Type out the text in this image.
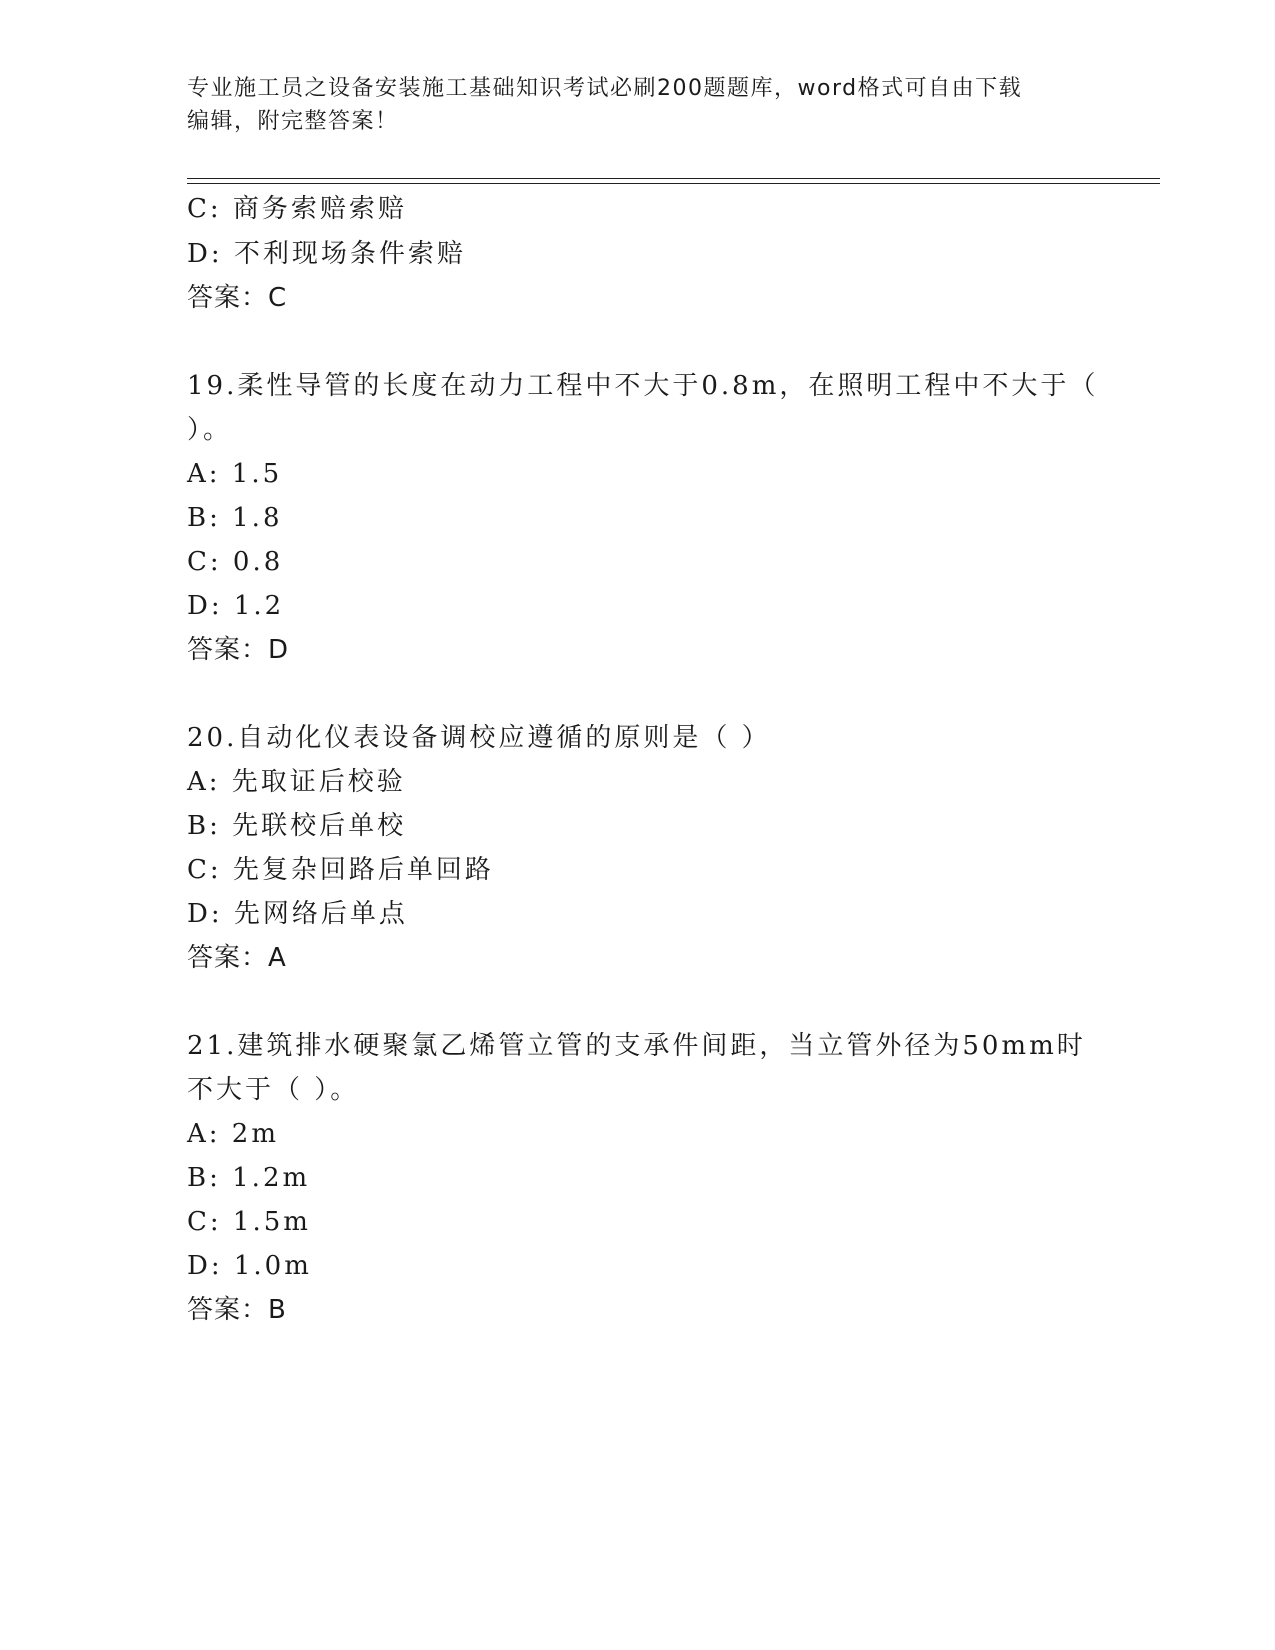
专业施工员之设备安装施工基础知识考试必刷200题题库，word格式可自由下载
编辑，附完整答案！
C: 商务索赔索赔
D: 不利现场条件索赔
答案：C
19.柔性导管的长度在动力工程中不大于0.8m，在照明工程中不大于（
）。
A: 1.5
B: 1.8
C: 0.8
D: 1.2
答案：D
20.自动化仪表设备调校应遵循的原则是（ ）
A: 先取证后校验
B: 先联校后单校
C: 先复杂回路后单回路
D: 先网络后单点
答案：A
21.建筑排水硬聚氯乙烯管立管的支承件间距，当立管外径为50mm时
不大于（ ）。
A: 2m
B: 1.2m
C: 1.5m
D: 1.0m
答案：B
